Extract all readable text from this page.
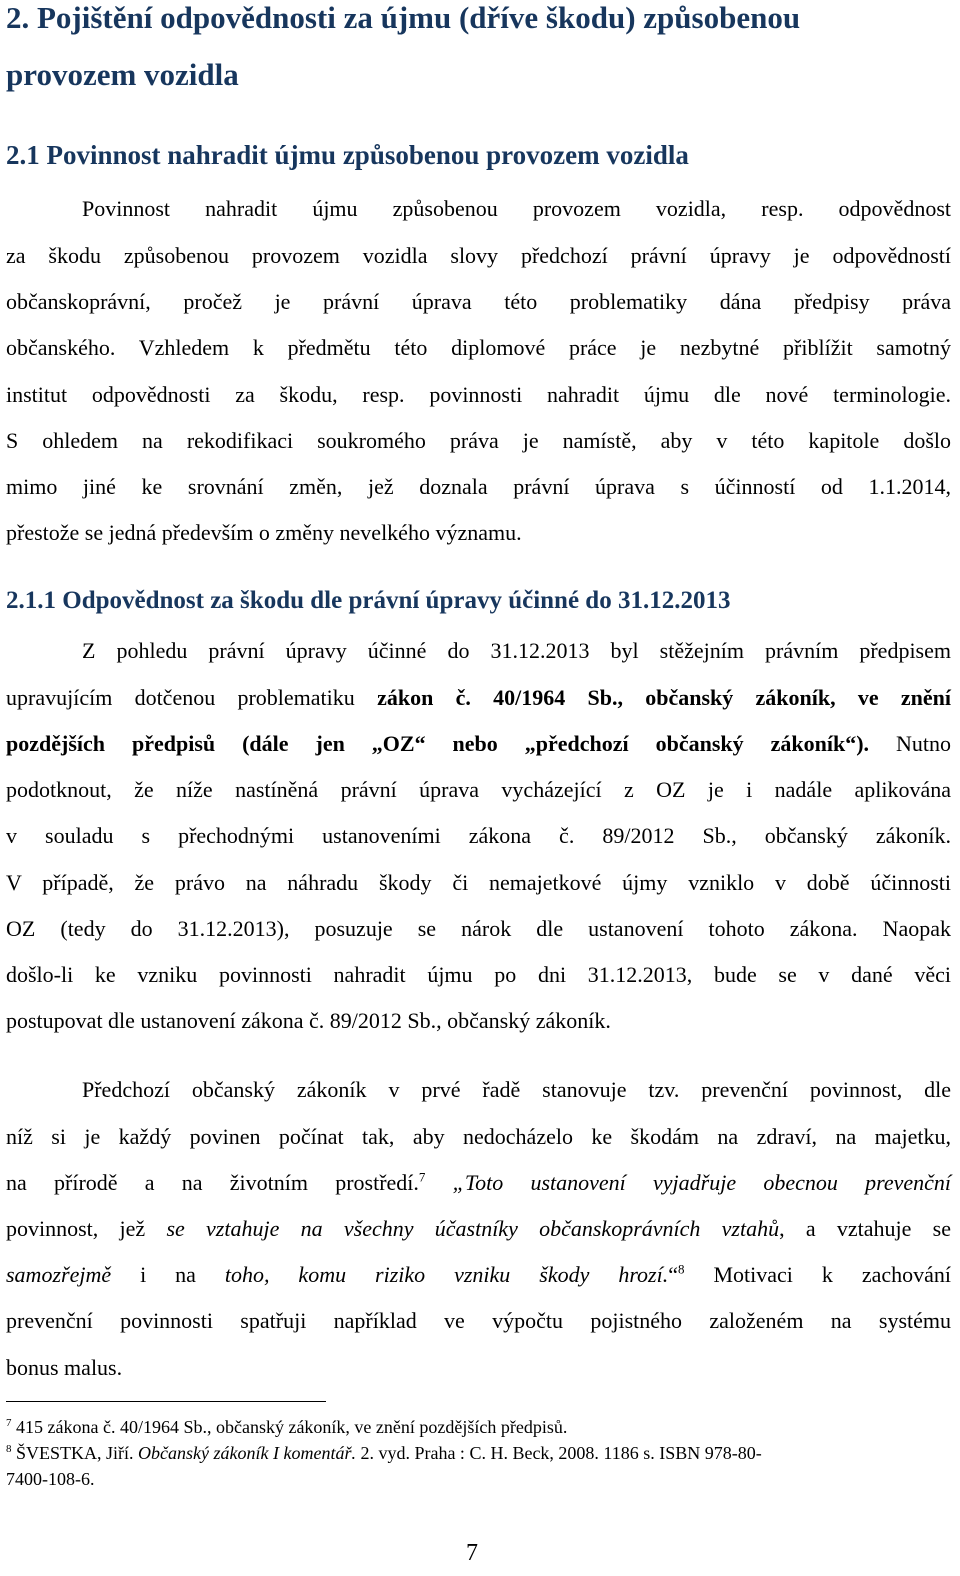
2. Pojištění odpovědnosti za újmu (dříve škodu) způsobenou
provozem vozidla
2.1 Povinnost nahradit újmu způsobenou provozem vozidla
Povinnost nahradit újmu způsobenou provozem vozidla, resp. odpovědnost
za škodu způsobenou provozem vozidla slovy předchozí právní úpravy je odpovědností
občanskoprávní, pročež je právní úprava této problematiky dána předpisy práva
občanského. Vzhledem k předmětu této diplomové práce je nezbytné přiblížit samotný
institut odpovědnosti za škodu, resp. povinnosti nahradit újmu dle nové terminologie.
S ohledem na rekodifikaci soukromého práva je namístě, aby v této kapitole došlo
mimo jiné ke srovnání změn, jež doznala právní úprava s účinností od 1.1.2014,
přestože se jedná především o změny nevelkého významu.
2.1.1 Odpovědnost za škodu dle právní úpravy účinné do 31.12.2013
Z pohledu právní úpravy účinné do 31.12.2013 byl stěžejním právním předpisem
upravujícím dotčenou problematiku zákon č. 40/1964 Sb., občanský zákoník, ve znění
pozdějších předpisů (dále jen „OZ“ nebo „předchozí občanský zákoník“). Nutno
podotknout, že níže nastíněná právní úprava vycházející z OZ je i nadále aplikována
v souladu s přechodnými ustanoveními zákona č. 89/2012 Sb., občanský zákoník.
V případě, že právo na náhradu škody či nemajetkové újmy vzniklo v době účinnosti
OZ (tedy do 31.12.2013), posuzuje se nárok dle ustanovení tohoto zákona. Naopak
došlo-li ke vzniku povinnosti nahradit újmu po dni 31.12.2013, bude se v dané věci
postupovat dle ustanovení zákona č. 89/2012 Sb., občanský zákoník.
Předchozí občanský zákoník v prvé řadě stanovuje tzv. prevenční povinnost, dle
níž si je každý povinen počínat tak, aby nedocházelo ke škodám na zdraví, na majetku,
na přírodě a na životním prostředí.$^7$ „Toto ustanovení vyjadřuje obecnou prevenční
povinnost, jež se vztahuje na všechny účastníky občanskoprávních vztahů, a vztahuje se
samozřejmě i na toho, komu riziko vzniku škody hrozí.“$^8$ Motivaci k zachování
prevenční povinnosti spatřuji například ve výpočtu pojistného založeném na systému
bonus malus.
$^7$ 415 zákona č. 40/1964 Sb., občanský zákoník, ve znění pozdějších předpisů.
$^8$ ŠVESTKA, Jiří. Občanský zákoník I komentář. 2. vyd. Praha : C. H. Beck, 2008. 1186 s. ISBN 978-80-
7400-108-6.
7
